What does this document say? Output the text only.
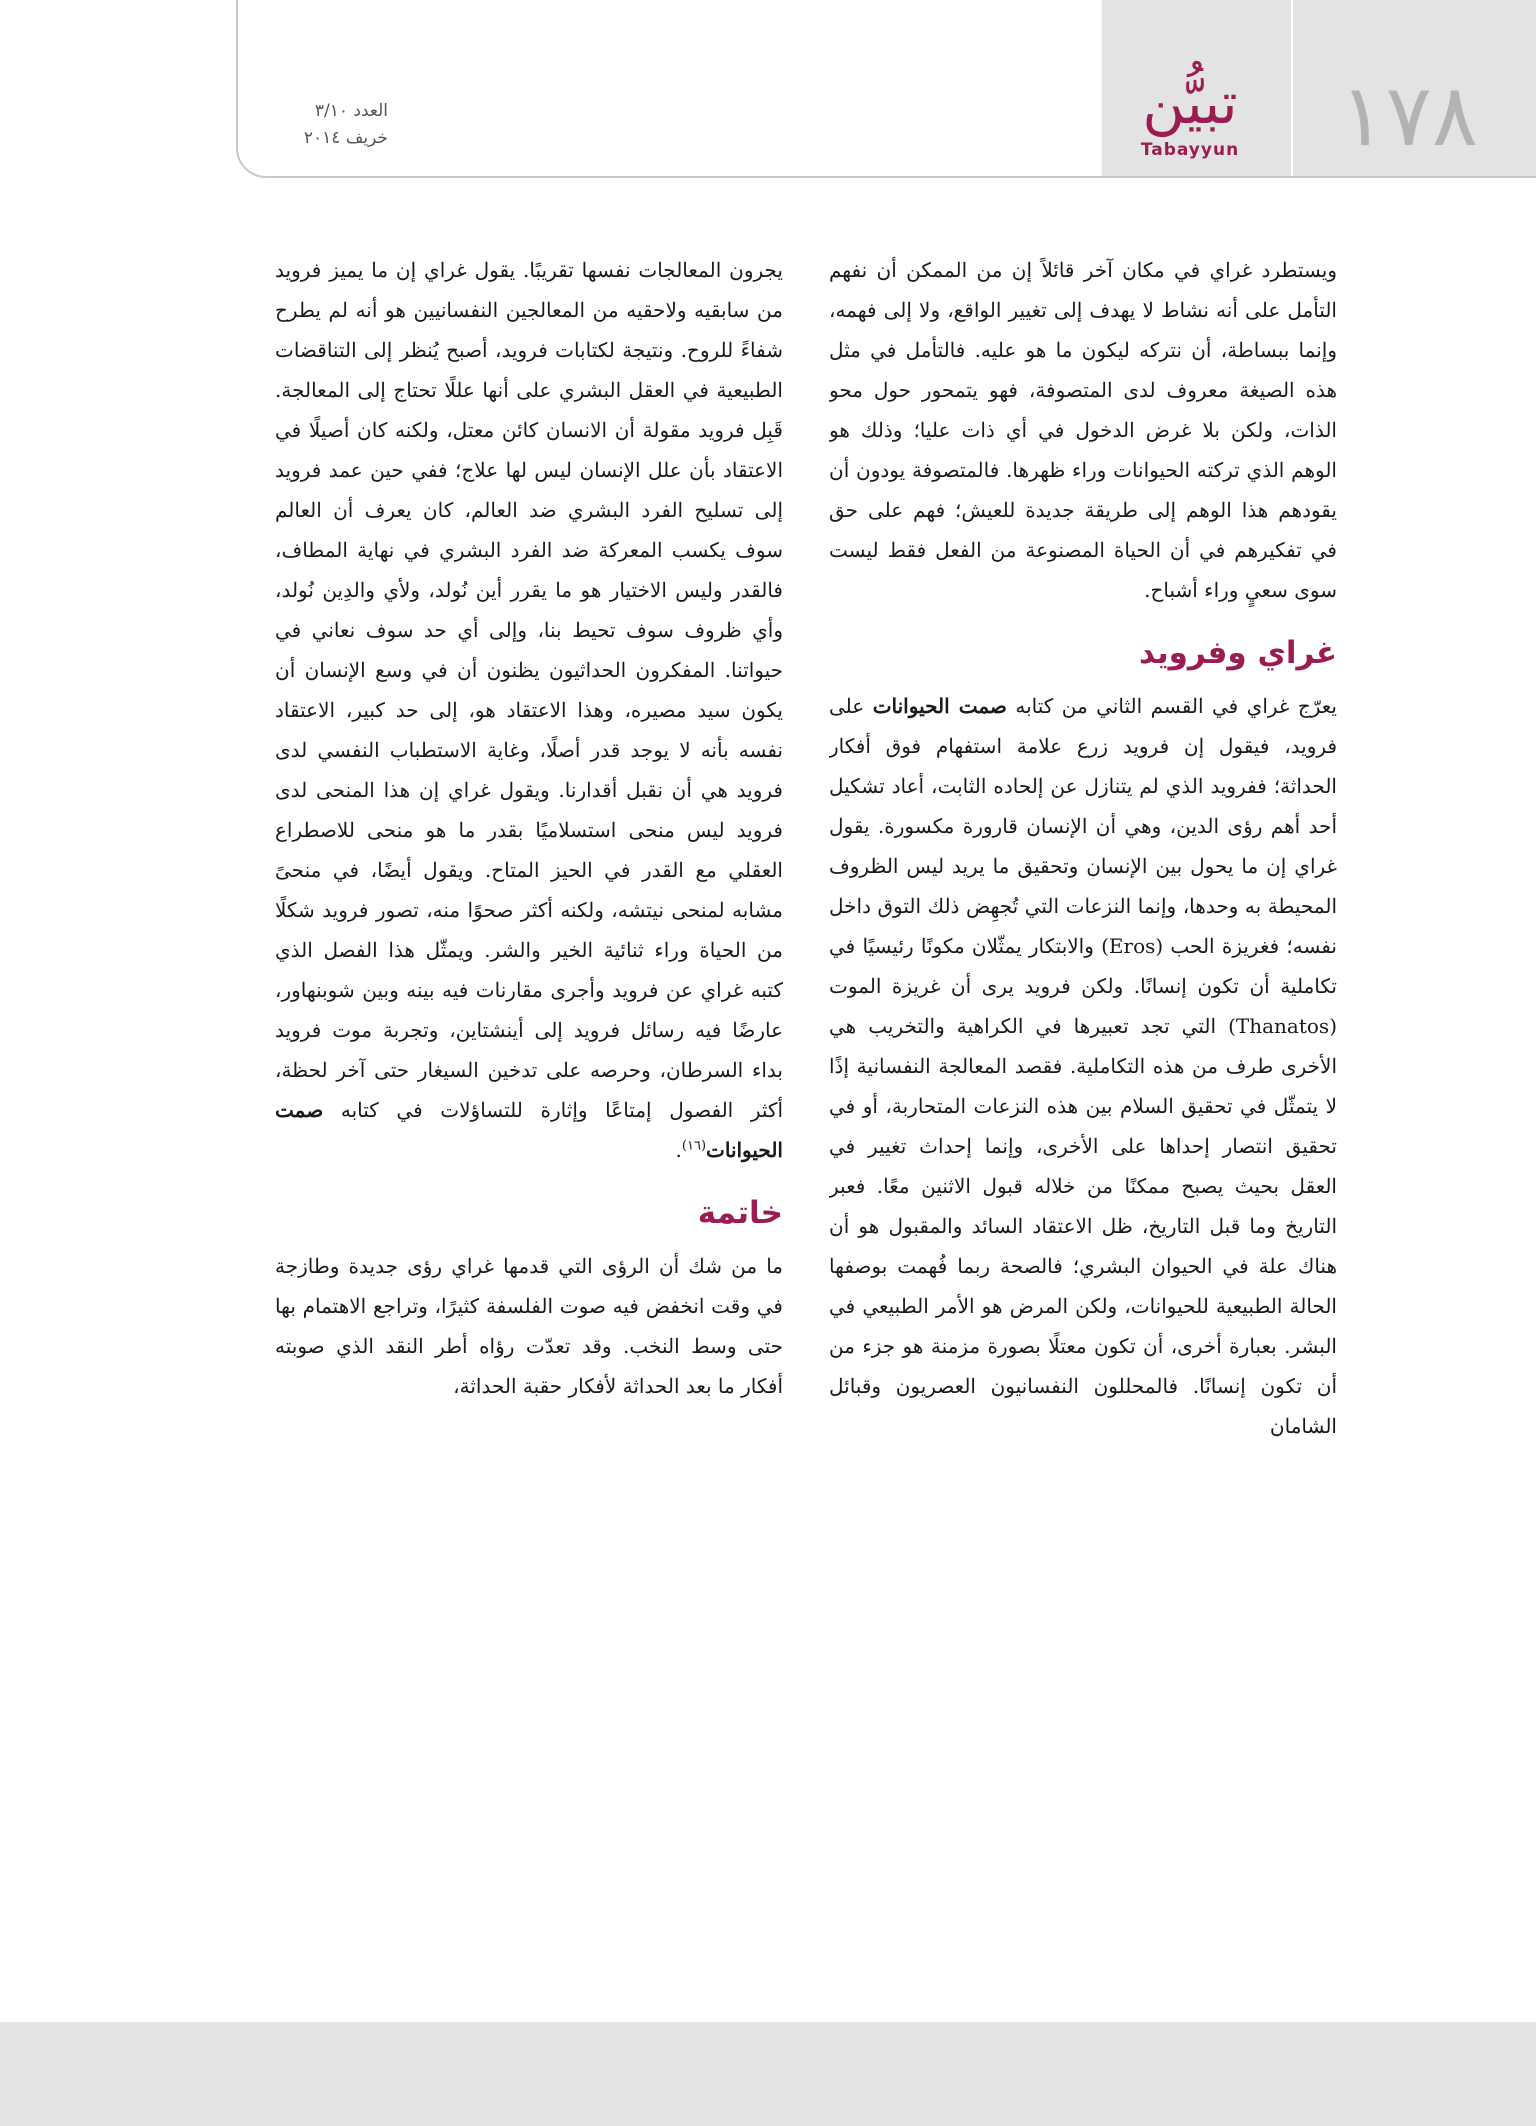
١٧٨
تبيُّن
Tabayyun
العدد ٣/١٠
خريف ٢٠١٤

ويستطرد غراي في مكان آخر قائلاً إن من الممكن أن نفهم التأمل على أنه نشاط لا يهدف إلى تغيير الواقع، ولا إلى فهمه، وإنما ببساطة، أن نتركه ليكون ما هو عليه. فالتأمل في مثل هذه الصيغة معروف لدى المتصوفة، فهو يتمحور حول محو الذات، ولكن بلا غرض الدخول في أي ذات عليا؛ وذلك هو الوهم الذي تركته الحيوانات وراء ظهرها. فالمتصوفة يودون أن يقودهم هذا الوهم إلى طريقة جديدة للعيش؛ فهم على حق في تفكيرهم في أن الحياة المصنوعة من الفعل فقط ليست سوى سعيٍ وراء أشباح.

غراي وفرويد

يعرّج غراي في القسم الثاني من كتابه صمت الحيوانات على فرويد، فيقول إن فرويد زرع علامة استفهام فوق أفكار الحداثة؛ ففرويد الذي لم يتنازل عن إلحاده الثابت، أعاد تشكيل أحد أهم رؤى الدين، وهي أن الإنسان قارورة مكسورة. يقول غراي إن ما يحول بين الإنسان وتحقيق ما يريد ليس الظروف المحيطة به وحدها، وإنما النزعات التي تُجهِض ذلك التوق داخل نفسه؛ فغريزة الحب (Eros) والابتكار يمثّلان مكونًا رئيسيًا في تكاملية أن تكون إنسانًا. ولكن فرويد يرى أن غريزة الموت (Thanatos) التي تجد تعبيرها في الكراهية والتخريب هي الأخرى طرف من هذه التكاملية. فقصد المعالجة النفسانية إذًا لا يتمثّل في تحقيق السلام بين هذه النزعات المتحاربة، أو في تحقيق انتصار إحداها على الأخرى، وإنما إحداث تغيير في العقل بحيث يصبح ممكنًا من خلاله قبول الاثنين معًا. فعبر التاريخ وما قبل التاريخ، ظل الاعتقاد السائد والمقبول هو أن هناك علة في الحيوان البشري؛ فالصحة ربما فُهمت بوصفها الحالة الطبيعية للحيوانات، ولكن المرض هو الأمر الطبيعي في البشر. بعبارة أخرى، أن تكون معتلًا بصورة مزمنة هو جزء من أن تكون إنسانًا. فالمحللون النفسانيون العصريون وقبائل الشامان

يجرون المعالجات نفسها تقريبًا. يقول غراي إن ما يميز فرويد من سابقيه ولاحقيه من المعالجين النفسانيين هو أنه لم يطرح شفاءً للروح. ونتيجة لكتابات فرويد، أصبح يُنظر إلى التناقضات الطبيعية في العقل البشري على أنها عللًا تحتاج إلى المعالجة. قَبِل فرويد مقولة أن الانسان كائن معتل، ولكنه كان أصيلًا في الاعتقاد بأن علل الإنسان ليس لها علاج؛ ففي حين عمد فرويد إلى تسليح الفرد البشري ضد العالم، كان يعرف أن العالم سوف يكسب المعركة ضد الفرد البشري في نهاية المطاف، فالقدر وليس الاختيار هو ما يقرر أين نُولد، ولأي والدِين نُولد، وأي ظروف سوف تحيط بنا، وإلى أي حد سوف نعاني في حيواتنا. المفكرون الحداثيون يظنون أن في وسع الإنسان أن يكون سيد مصيره، وهذا الاعتقاد هو، إلى حد كبير، الاعتقاد نفسه بأنه لا يوجد قدر أصلًا، وغاية الاستطباب النفسي لدى فرويد هي أن نقبل أقدارنا. ويقول غراي إن هذا المنحى لدى فرويد ليس منحى استسلاميًا بقدر ما هو منحى للاصطراع العقلي مع القدر في الحيز المتاح. ويقول أيضًا، في منحىً مشابه لمنحى نيتشه، ولكنه أكثر صحوًا منه، تصور فرويد شكلًا من الحياة وراء ثنائية الخير والشر. ويمثّل هذا الفصل الذي كتبه غراي عن فرويد وأجرى مقارنات فيه بينه وبين شوبنهاور، عارضًا فيه رسائل فرويد إلى أينشتاين، وتجربة موت فرويد بداء السرطان، وحرصه على تدخين السيغار حتى آخر لحظة، أكثر الفصول إمتاعًا وإثارة للتساؤلات في كتابه صمت الحيوانات$^{(١٦)}$.

خاتمة

ما من شك أن الرؤى التي قدمها غراي رؤى جديدة وطازجة في وقت انخفض فيه صوت الفلسفة كثيرًا، وتراجع الاهتمام بها حتى وسط النخب. وقد تعدّت رؤاه أطر النقد الذي صوبته أفكار ما بعد الحداثة لأفكار حقبة الحداثة،
